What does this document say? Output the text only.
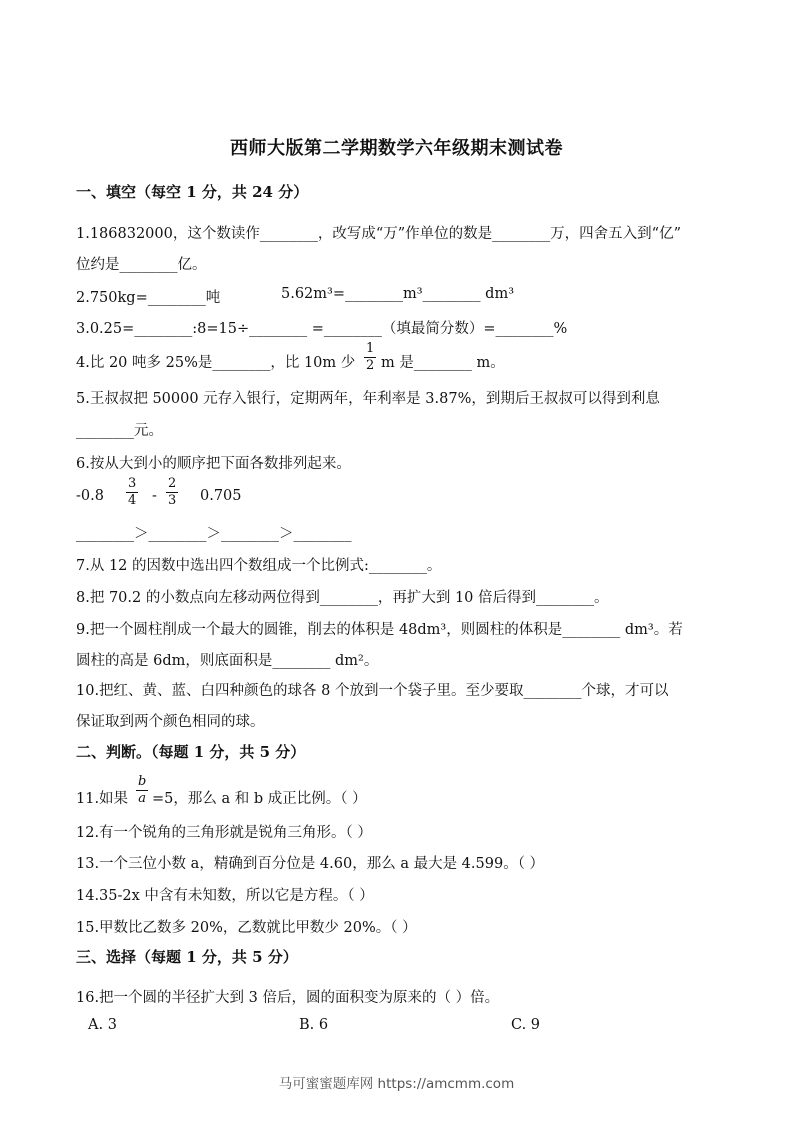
西师大版第二学期数学六年级期末测试卷
一、填空（每空 1 分，共 24 分）
1.186832000，这个数读作________，改写成“万”作单位的数是________万，四舍五入到“亿”
位约是________亿。
2.750kg=________吨	5.62m³=________m³________ dm³
3.0.25=________:8=15÷________ =________（填最简分数）=________%
4.比 20 吨多 25%是________，比 10m 少 $\frac{1}{2}$ m 是________ m。
5.王叔叔把 50000 元存入银行，定期两年，年利率是 3.87%，到期后王叔叔可以得到利息
________元。
6.按从大到小的顺序把下面各数排列起来。
$-0.8 \frac{3}{4} - \frac{2}{3} 0.705$
________＞________＞________＞________
7.从 12 的因数中选出四个数组成一个比例式:________。
8.把 70.2 的小数点向左移动两位得到________，再扩大到 10 倍后得到________。
9.把一个圆柱削成一个最大的圆锥，削去的体积是 48dm³，则圆柱的体积是________ dm³。若
圆柱的高是 6dm，则底面积是________ dm²。
10.把红、黄、蓝、白四种颜色的球各 8 个放到一个袋子里。至少要取________个球，才可以
保证取到两个颜色相同的球。
二、判断。（每题 1 分，共 5 分）
11.如果 $\frac{b}{a} =5$，那么 a 和 b 成正比例。（ ）
12.有一个锐角的三角形就是锐角三角形。（ ）
13.一个三位小数 a，精确到百分位是 4.60，那么 a 最大是 4.599。（ ）
14.35-2x 中含有未知数，所以它是方程。（ ）
15.甲数比乙数多 20%，乙数就比甲数少 20%。（ ）
三、选择（每题 1 分，共 5 分）
16.把一个圆的半径扩大到 3 倍后，圆的面积变为原来的（ ）倍。
A. 3	B. 6	C. 9
马可蜜蜜题库网 https://amcmm.com
